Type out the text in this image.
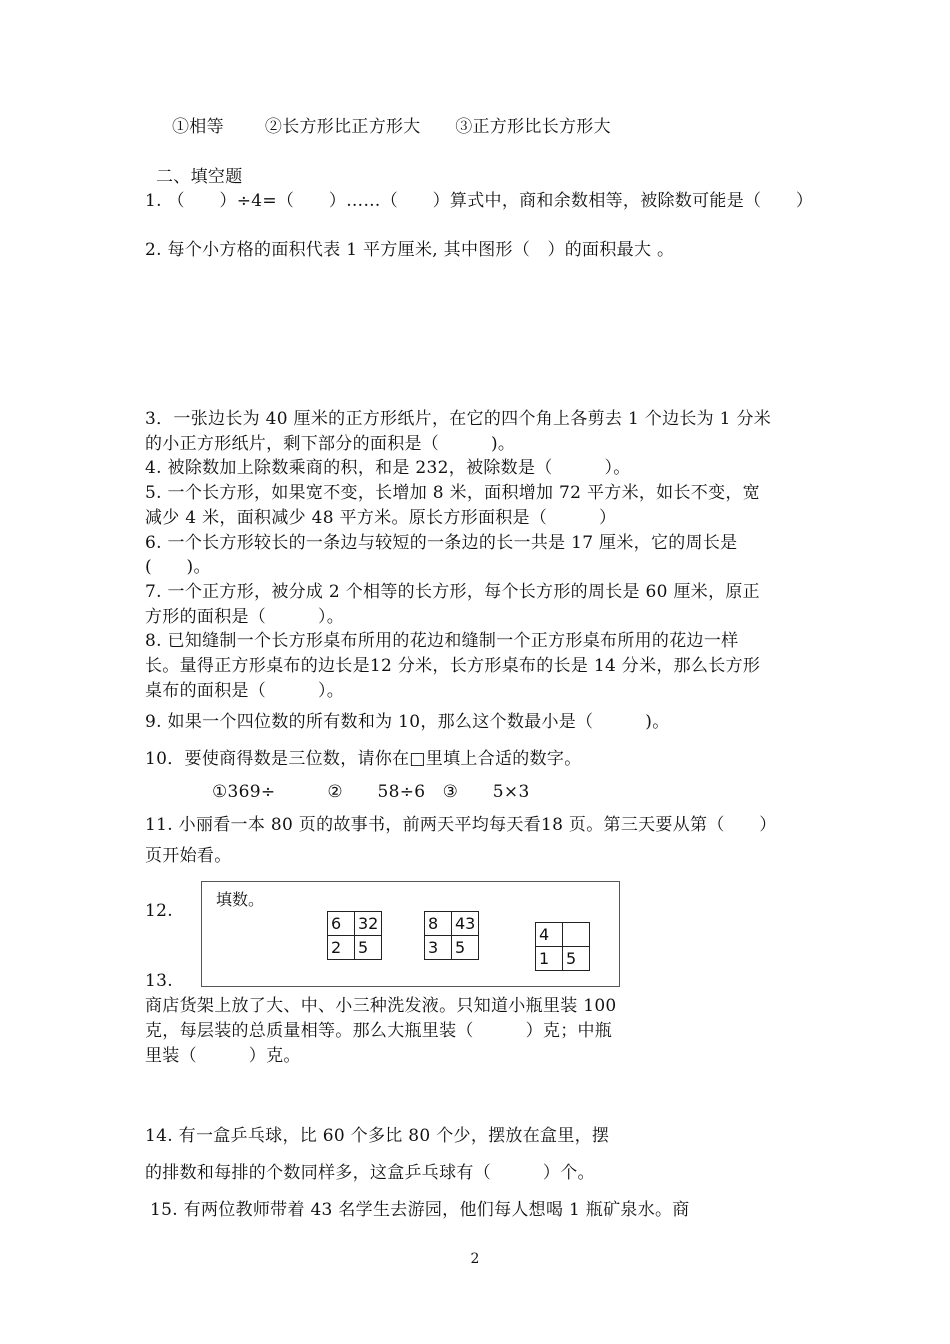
①相等　 ②长方形比正方形大　　③正方形比长方形大
二、填空题
1. （　　）÷4=（　　）……（　　）算式中，商和余数相等，被除数可能是（　　）
2. 每个小方格的面积代表 1 平方厘米, 其中图形（　）的面积最大 。
3．一张边长为 40 厘米的正方形纸片，在它的四个角上各剪去 1 个边长为 1 分米
的小正方形纸片，剩下部分的面积是（　　　)。
4. 被除数加上除数乘商的积，和是 232，被除数是（　　　）。
5. 一个长方形，如果宽不变，长增加 8 米，面积增加 72 平方米，如长不变，宽
减少 4 米，面积减少 48 平方米。原长方形面积是（　　　）
6. 一个长方形较长的一条边与较短的一条边的长一共是 17 厘米，它的周长是
(　　)。
7. 一个正方形，被分成 2 个相等的长方形，每个长方形的周长是 60 厘米，原正
方形的面积是（　　　）。
8. 已知缝制一个长方形桌布所用的花边和缝制一个正方形桌布所用的花边一样
长。量得正方形桌布的边长是12 分米，长方形桌布的长是 14 分米，那么长方形
桌布的面积是（　　　）。
9. 如果一个四位数的所有数和为 10，那么这个数最小是（　　　)。
10．要使商得数是三位数，请你在□里填上合适的数字。
①369÷　　　②　　58÷6　③　　5×3
11. 小丽看一本 80 页的故事书，前两天平均每天看18 页。第三天要从第（　　）
页开始看。
12.
填数。
6	32
2	5
8	43
3	5
4	
1	5
13.
商店货架上放了大、中、小三种洗发液。只知道小瓶里装 100
克，每层装的总质量相等。那么大瓶里装（　　　）克；中瓶
里装（　　　）克。
14. 有一盒乒乓球，比 60 个多比 80 个少，摆放在盒里，摆
的排数和每排的个数同样多，这盒乒乓球有（　　　）个。
15. 有两位教师带着 43 名学生去游园，他们每人想喝 1 瓶矿泉水。商
2
